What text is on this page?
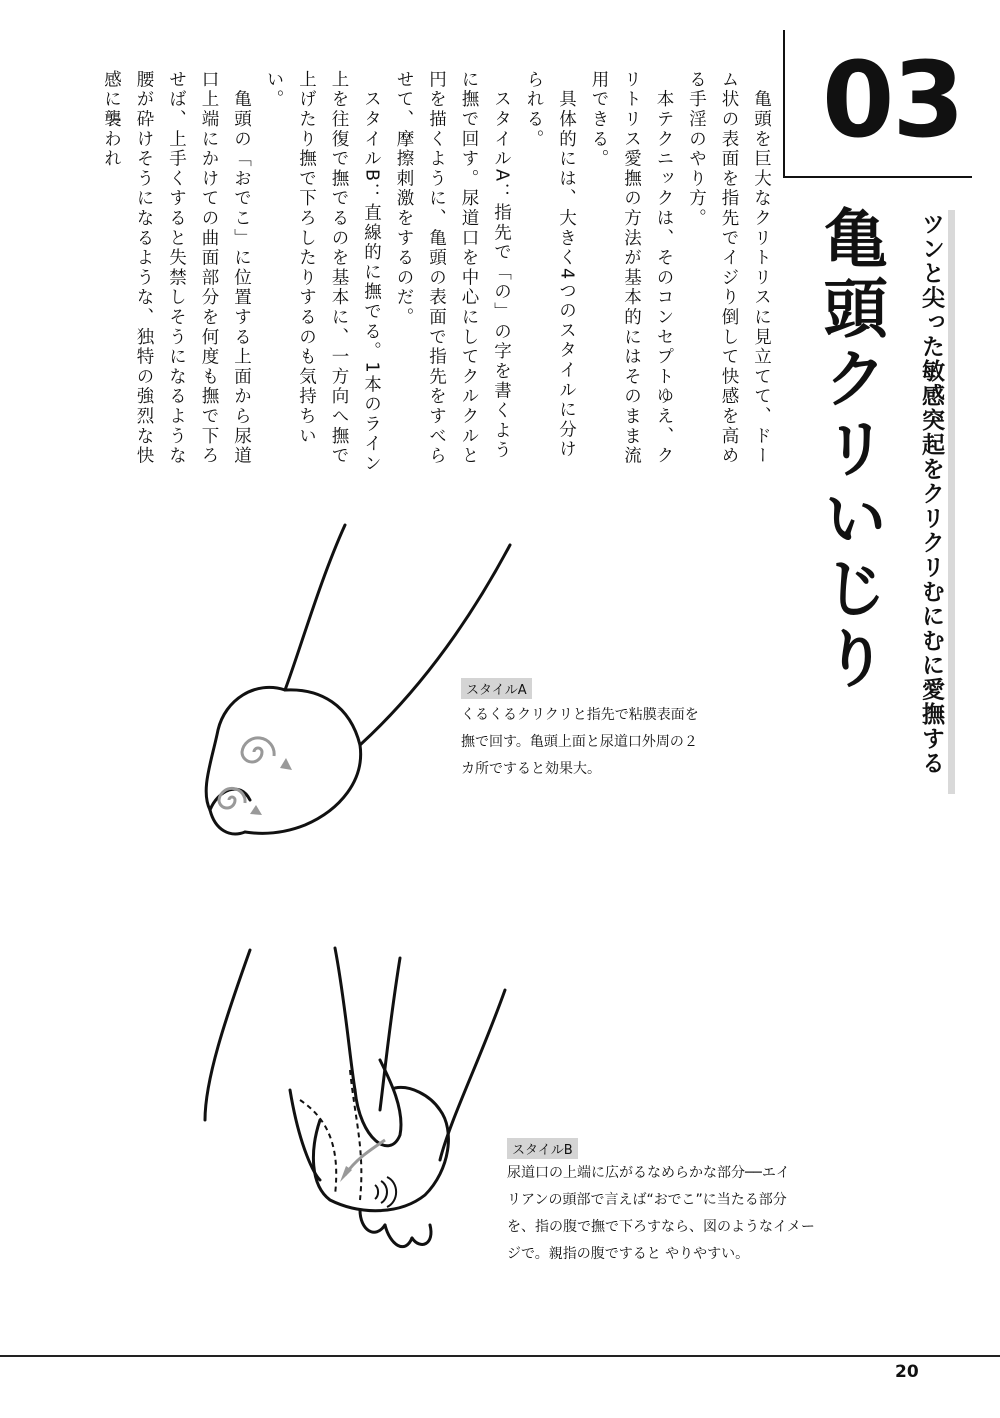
03
亀頭クリいじり ツンと尖った敏感突起をクリクリむにむに愛撫する

　亀頭を巨大なクリトリスに見立てて、ドーム状の表面を指先でイジり倒して快感を高める手淫のやり方。

　本テクニックは、そのコンセプトゆえ、クリトリス愛撫の方法が基本的にはそのまま流用できる。

　具体的には、大きく4つのスタイルに分けられる。

　スタイルA：指先で「の」の字を書くように撫で回す。尿道口を中心にしてクルクルと円を描くように、亀頭の表面で指先をすべらせて、摩擦刺激をするのだ。

　スタイルB：直線的に撫でる。1本のライン上を往復で撫でるのを基本に、一方向へ撫で上げたり撫で下ろしたりするのも気持ちいい。

　亀頭の「おでこ」に位置する上面から尿道口上端にかけての曲面部分を何度も撫で下ろせば、上手くすると失禁しそうになるような腰が砕けそうになるような、独特の強烈な快感に襲われ

スタイルA
くるくるクリクリと指先で粘膜表面を
撫で回す。亀頭上面と尿道口外周の２
カ所ですると効果大。
スタイルB
尿道口の上端に広がるなめらかな部分──エイ
リアンの頭部で言えば“おでこ”に当たる部分
を、指の腹で撫で下ろすなら、図のようなイメー
ジで。親指の腹ですると やりやすい。
20
